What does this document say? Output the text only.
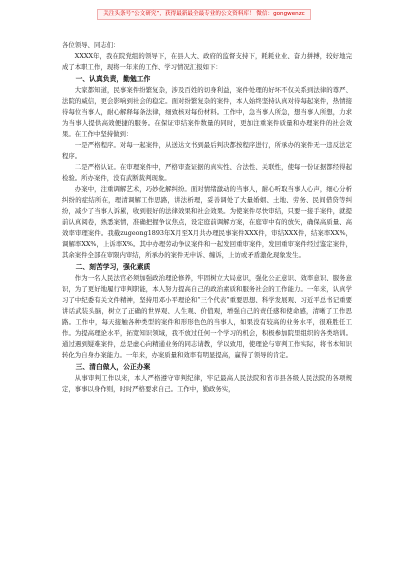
关注头条号“公文研究”，获得最新最全最专业的公文资料库！ 微信：gongwenzc

各位领导、同志们：

XXXX年，我在院党组的领导下，在县人大、政府的监督支持下，耗耗业业、奋力拼搏，较好地完成了本职工作，现将一年来的工作、学习情况汇报如下：

一、认真负责，勤勉工作

大家都知道，民事案件纷繁复杂，涉及百姓的切身利益，案件处理的好坏不仅关系到法律的尊严、法院的威信，更会影响到社会的稳定。面对纷繁复杂的案件，本人始终坚持认真对待每起案件，热情接待每位当事人，耐心解释每条法律，细致核对每份材料。工作中，急当事人所急，想当事人所想，力求为当事人提供高效便捷的服务。在保证审结案件数量的同时，更加注重案件质量和办理案件的社会效果。在工作中坚持做到：

一是严格程序。对每一起案件，从送达文书到最后判决都按程序进行，所承办的案件无一违反法定程序。

二是严格认证。在审理案件中，严格审查证据的真实性、合法性、关联性，使每一份证据都经得起检验。所办案件，没有武断裁判现象。

办案中，注重调解艺术，巧妙化解纠纷。面对情绪激动的当事人，耐心听取当事人心声，细心分析纠纷的症结所在，理清调解工作思路，讲法析理，妥善调处了大量婚姻、土地、劳务、民间借贷等纠纷，减少了当事人诉累，收到很好的法律效果和社会效果。为使案件尽快审结，只要一接手案件，就提前认真阅卷，熟悉案情，准确把握争议焦点，设定庭前调解方案，在庭审中有的放矢，确保高质量、高效率审理案件。我截zugeong1893年X月至X月共办理民事案件XXX件，审结XXX件，结案率XX%，调解率XX%，上诉率X%。其中办理劳动争议案件和一起发回重审案件，发回重审案件经过鉴定案件，其余案件全部在审限内审结，所承办的案件无申诉、缠诉，上访或矛盾激化现象发生。

二、刻苦学习，强化素质

作为一名人民法官必须加强政治理论修养，牢固树立大局意识，强化公正意识、效率意识、服务意识，为了更好地履行审判职能，本人努力提高自己的政治素质和服务社会的工作能力。一年来，认真学习了中纪委有关文件精神，坚持用邓小平理论和“三个代表”重要思想、科学发展观、习近平总书记重要讲话武装头脑，树立了正确的世界观、人生观、价值观，增强自己的责任感和使命感，清晰了工作思路。工作中，每天接触各种类型的案件和形形色色的当事人，如果没有较高的业务水平，很难胜任工作。为提高理论水平，拓宽知识领域，我不放过任何一个学习的机会，积极参加院里组织的各类培训。通过遇到疑难案件，总是虚心向精通业务的同志请教，学以致用，使理论与审判工作实际，将书本知识转化为自身办案能力。一年来，办案质量和效率有明显提高，赢得了领导的肯定。

三、清白做人，公正办案

从事审判工作以来，本人严格遵守审判纪律，牢记最高人民法院和省市县各级人民法院的各项规定，事事以身作则，时时严格要求自己。工作中，勤政务实，
